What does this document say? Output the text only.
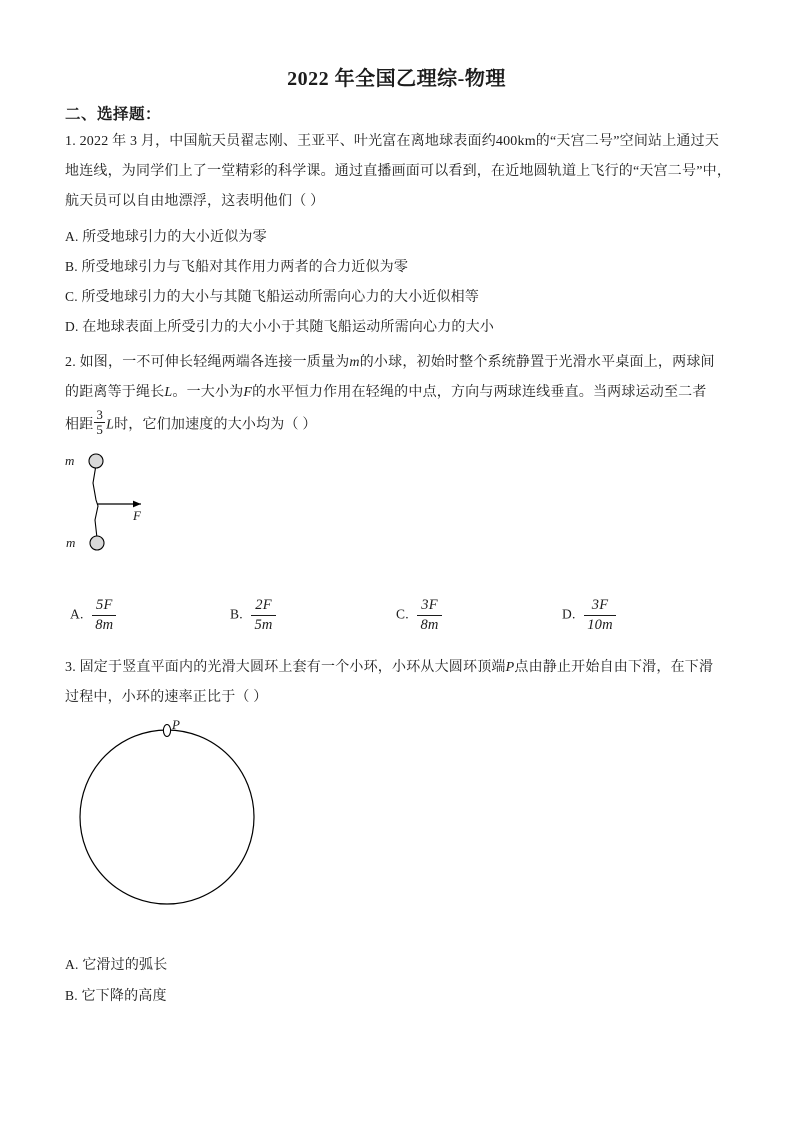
2022 年全国乙理综-物理
二、选择题：
1. 2022 年 3 月，中国航天员翟志刚、王亚平、叶光富在离地球表面约400km的“天宫二号”空间站上通过天
地连线，为同学们上了一堂精彩的科学课。通过直播画面可以看到，在近地圆轨道上飞行的“天宫二号”中，
航天员可以自由地漂浮，这表明他们（ ）
A. 所受地球引力的大小近似为零
B. 所受地球引力与飞船对其作用力两者的合力近似为零
C. 所受地球引力的大小与其随飞船运动所需向心力的大小近似相等
D. 在地球表面上所受引力的大小小于其随飞船运动所需向心力的大小
2. 如图，一不可伸长轻绳两端各连接一质量为m的小球，初始时整个系统静置于光滑水平桌面上，两球间
的距离等于绳长L。一大小为F的水平恒力作用在轻绳的中点，方向与两球连线垂直。当两球运动至二者
相距 $\frac{3}{5}$ L时，它们加速度的大小均为（ ）
m
m
F
A. $\frac{5F}{8m}$	B. $\frac{2F}{5m}$	C. $\frac{3F}{8m}$	D. $\frac{3F}{10m}$
3. 固定于竖直平面内的光滑大圆环上套有一个小环，小环从大圆环顶端P点由静止开始自由下滑，在下滑
过程中，小环的速率正比于（ ）
P
A. 它滑过的弧长
B. 它下降的高度
